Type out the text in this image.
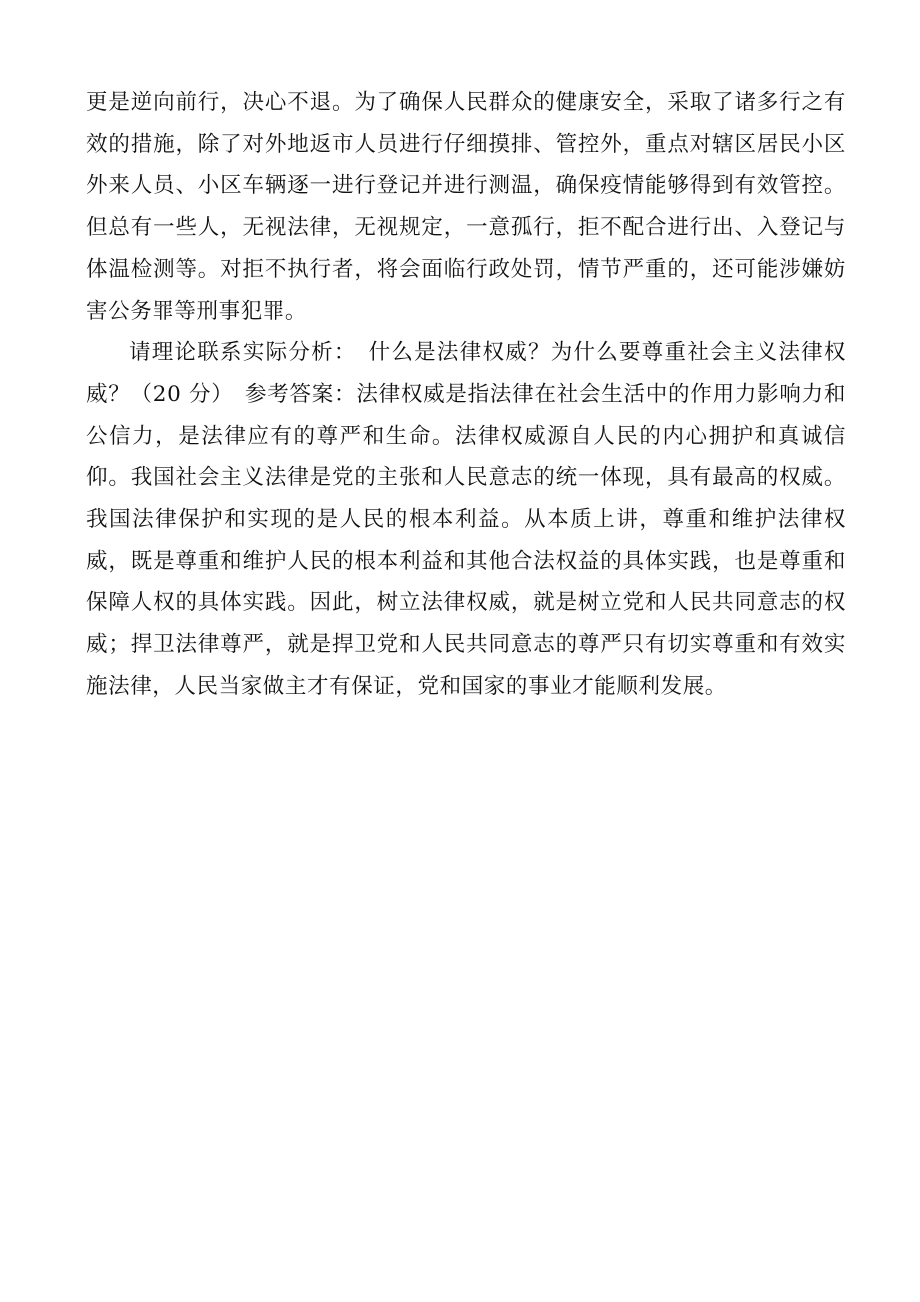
更是逆向前行，决心不退。为了确保人民群众的健康安全，采取了诸多行之有效的措施，除了对外地返市人员进行仔细摸排、管控外，重点对辖区居民小区外来人员、小区车辆逐一进行登记并进行测温，确保疫情能够得到有效管控。但总有一些人，无视法律，无视规定，一意孤行，拒不配合进行出、入登记与体温检测等。对拒不执行者，将会面临行政处罚，情节严重的，还可能涉嫌妨害公务罪等刑事犯罪。

请理论联系实际分析：　什么是法律权威？为什么要尊重社会主义法律权威？（20 分）　参考答案：法律权威是指法律在社会生活中的作用力影响力和公信力，是法律应有的尊严和生命。法律权威源自人民的内心拥护和真诚信仰。我国社会主义法律是党的主张和人民意志的统一体现，具有最高的权威。我国法律保护和实现的是人民的根本利益。从本质上讲，尊重和维护法律权威，既是尊重和维护人民的根本利益和其他合法权益的具体实践，也是尊重和保障人权的具体实践。因此，树立法律权威，就是树立党和人民共同意志的权威；捍卫法律尊严，就是捍卫党和人民共同意志的尊严只有切实尊重和有效实施法律，人民当家做主才有保证，党和国家的事业才能顺利发展。
